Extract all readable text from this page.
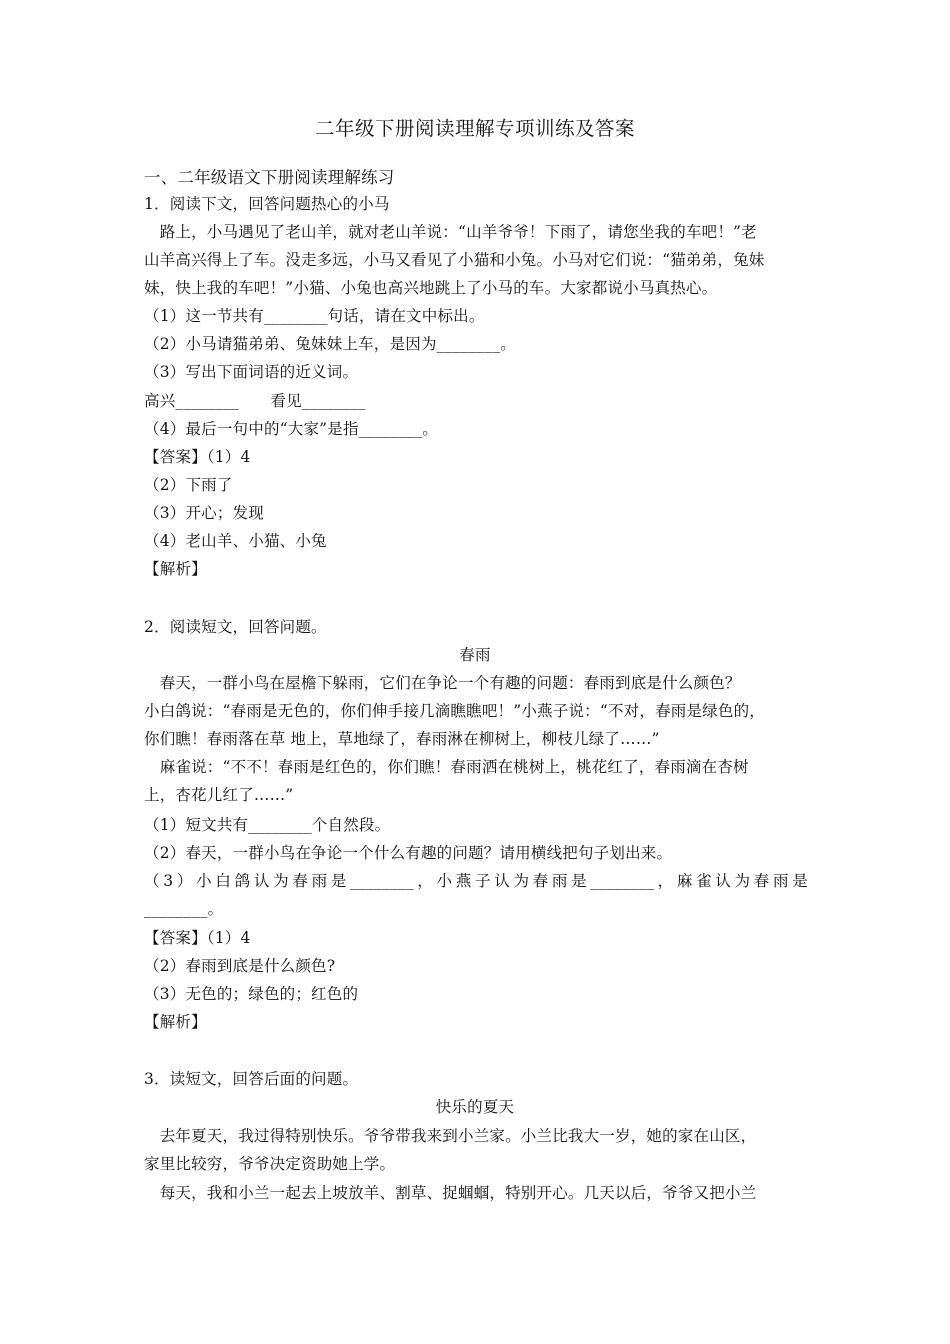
二年级下册阅读理解专项训练及答案
一、二年级语文下册阅读理解练习
1．阅读下文，回答问题热心的小马
　路上，小马遇见了老山羊，就对老山羊说：“山羊爷爷！下雨了，请您坐我的车吧！”老
山羊高兴得上了车。没走多远，小马又看见了小猫和小兔。小马对它们说：“猫弟弟，兔妹
妹，快上我的车吧！”小猫、小兔也高兴地跳上了小马的车。大家都说小马真热心。
（1）这一节共有________句话，请在文中标出。
（2）小马请猫弟弟、兔妹妹上车，是因为________。
（3）写出下面词语的近义词。
高兴________　　看见________
（4）最后一句中的“大家”是指________。
【答案】（1）4
（2）下雨了
（3）开心；发现
（4）老山羊、小猫、小兔
【解析】
2．阅读短文，回答问题。
春雨
　春天，一群小鸟在屋檐下躲雨，它们在争论一个有趣的问题：春雨到底是什么颜色？
小白鸽说：“春雨是无色的，你们伸手接几滴瞧瞧吧！”小燕子说：“不对，春雨是绿色的，
你们瞧！春雨落在草 地上，草地绿了，春雨淋在柳树上，柳枝儿绿了……”
　麻雀说：“不不！春雨是红色的，你们瞧！春雨洒在桃树上，桃花红了，春雨滴在杏树
上，杏花儿红了……”
（1）短文共有________个自然段。
（2）春天，一群小鸟在争论一个什么有趣的问题？请用横线把句子划出来。
（3）小白鸽认为春雨是________，小燕子认为春雨是________，麻雀认为春雨是
________。
【答案】（1）4
（2）春雨到底是什么颜色?
（3）无色的；绿色的；红色的
【解析】
3．读短文，回答后面的问题。
快乐的夏天
　去年夏天，我过得特别快乐。爷爷带我来到小兰家。小兰比我大一岁，她的家在山区，
家里比较穷，爷爷决定资助她上学。
　每天，我和小兰一起去上坡放羊、割草、捉蝈蝈，特别开心。几天以后，爷爷又把小兰
